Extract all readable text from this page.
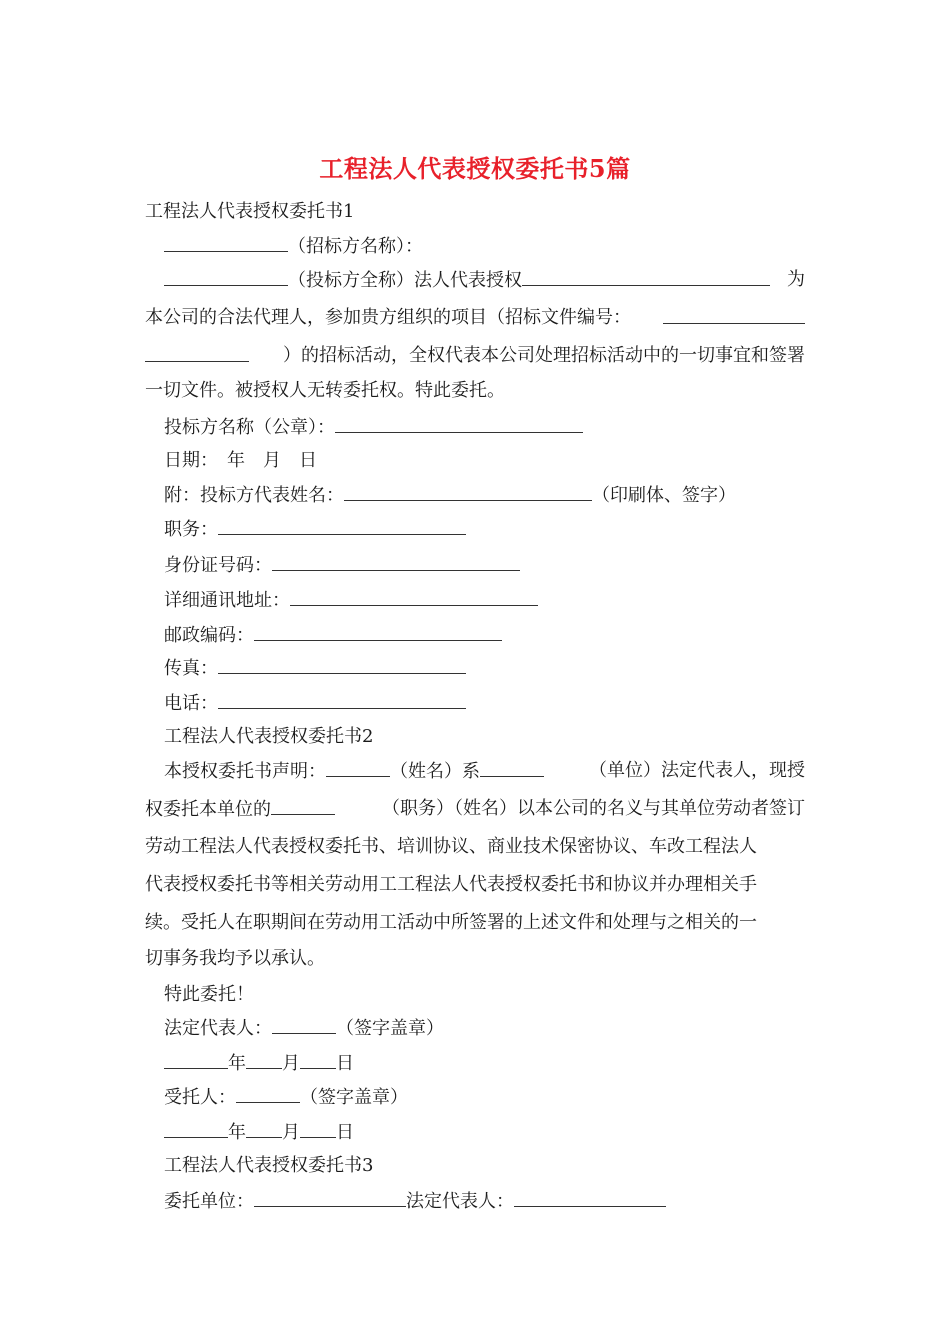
工程法人代表授权委托书5篇
工程法人代表授权委托书1
（招标方名称）：
（投标方全称）法人代表授权	为
本公司的合法代理人，参加贵方组织的项目（招标文件编号：
）的招标活动，全权代表本公司处理招标活动中的一切事宜和签署
一切文件。被授权人无转委托权。特此委托。
投标方名称（公章）：
日期：　年　月　日
附：投标方代表姓名：	（印刷体、签字）
职务：
身份证号码：
详细通讯地址：
邮政编码：
传真：
电话：
工程法人代表授权委托书2
本授权委托书声明：	（姓名）系	（单位）法定代表人，现授
权委托本单位的	（职务）（姓名）以本公司的名义与其单位劳动者签订
劳动工程法人代表授权委托书、培训协议、商业技术保密协议、车改工程法人
代表授权委托书等相关劳动用工工程法人代表授权委托书和协议并办理相关手
续。受托人在职期间在劳动用工活动中所签署的上述文件和处理与之相关的一
切事务我均予以承认。
特此委托！
法定代表人：	（签字盖章）
年 月 日
受托人：	（签字盖章）
年 月 日
工程法人代表授权委托书3
委托单位：	法定代表人：
